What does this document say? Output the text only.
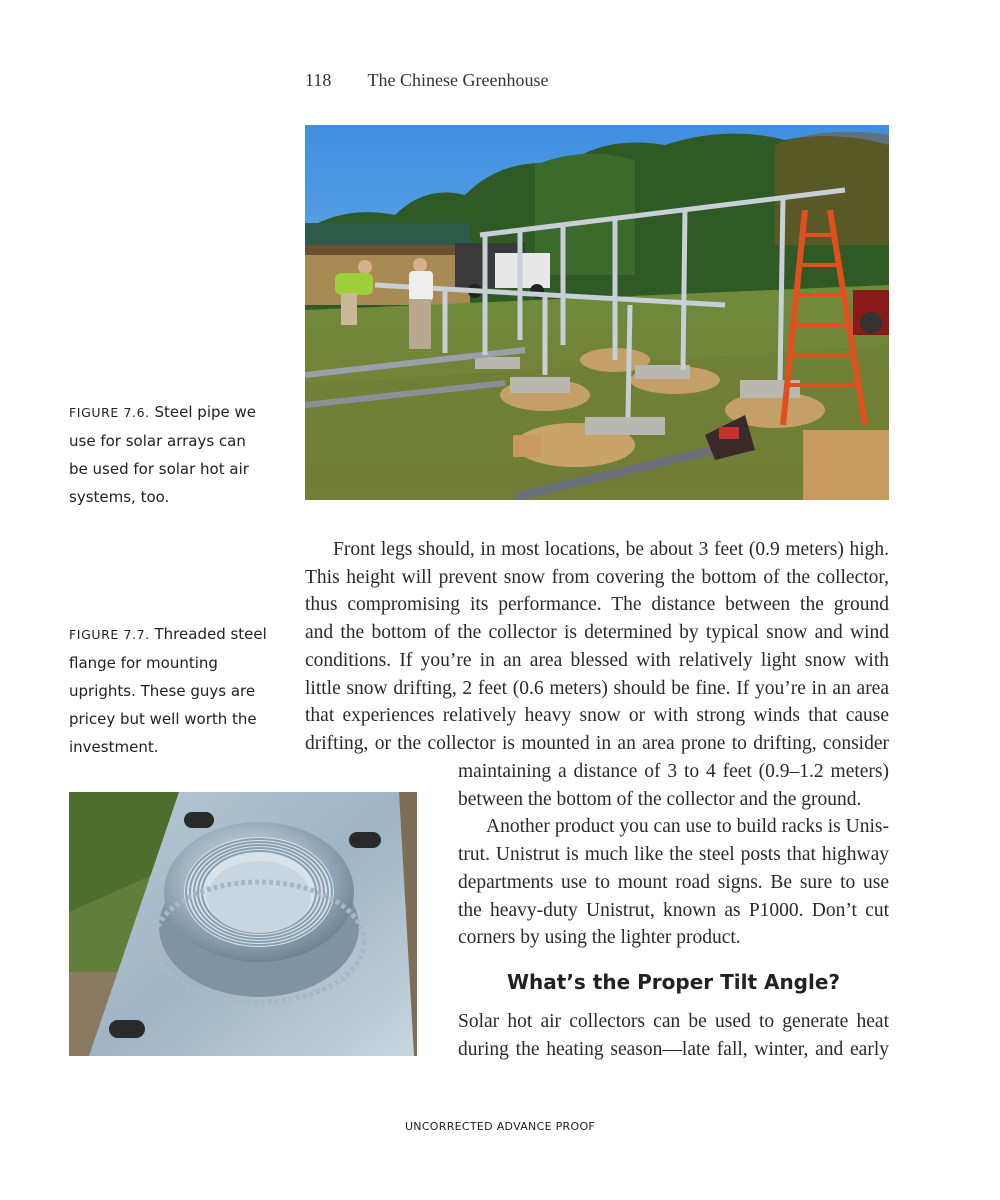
118 The Chinese Greenhouse
FIGURE 7.6. Steel pipe we use for solar arrays can be used for solar hot air systems, too.
FIGURE 7.7. Threaded steel flange for mounting uprights. These guys are pricey but well worth the investment.
Front legs should, in most locations, be about 3 feet (0.9 meters) high.
This height will prevent snow from covering the bottom of the collector,
thus compromising its performance. The distance between the ground
and the bottom of the collector is determined by typical snow and wind
conditions. If you’re in an area blessed with relatively light snow with
little snow drifting, 2 feet (0.6 meters) should be fine. If you’re in an area
that experiences relatively heavy snow or with strong winds that cause
drifting, or the collector is mounted in an area prone to drifting, consider
maintaining a distance of 3 to 4 feet (0.9–1.2 meters)
between the bottom of the collector and the ground.
Another product you can use to build racks is Unis-
trut. Unistrut is much like the steel posts that highway
departments use to mount road signs. Be sure to use
the heavy-duty Unistrut, known as P1000. Don’t cut
corners by using the lighter product.
What’s the Proper Tilt Angle?
Solar hot air collectors can be used to generate heat
during the heating season—late fall, winter, and early
UNCORRECTED ADVANCE PROOF
